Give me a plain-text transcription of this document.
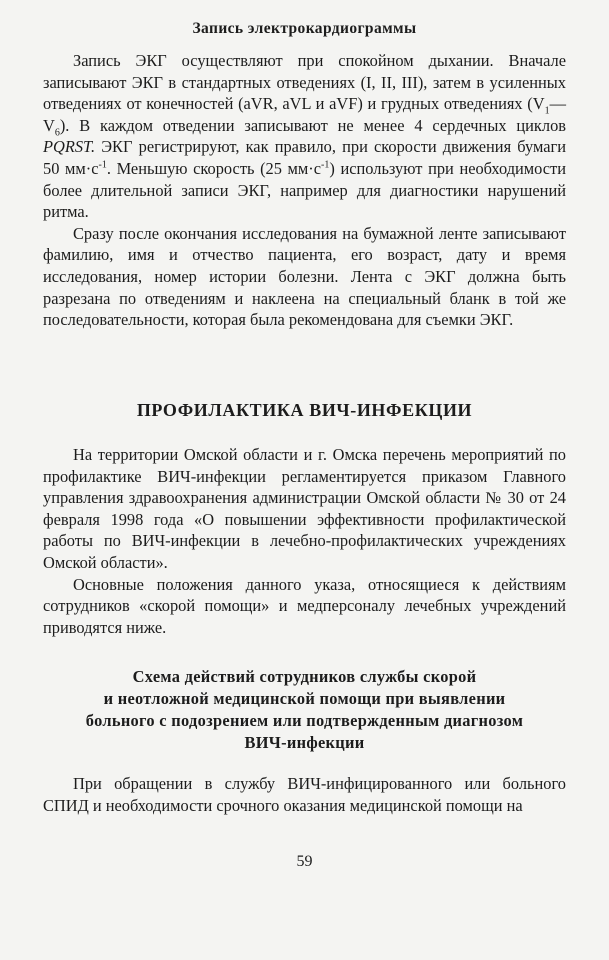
Запись электрокардиограммы

Запись ЭКГ осуществляют при спокойном дыхании. Вначале записывают ЭКГ в стандартных отведениях (I, II, III), затем в усиленных отведениях от конечностей (aVR, aVL и aVF) и грудных отведениях ($V_1—$ $V_6$). В каждом отведении записывают не менее 4 сердечных циклов PQRST. ЭКГ регистрируют, как правило, при скорости движения бумаги 50 $мм\cdot с^{-1}$. Меньшую скорость (25 $мм\cdot с^{-1}$) используют при необходимости более длительной записи ЭКГ, например для диагностики нарушений ритма.

Сразу после окончания исследования на бумажной ленте записывают фамилию, имя и отчество пациента, его возраст, дату и время исследования, номер истории болезни. Лента с ЭКГ должна быть разрезана по отведениям и наклеена на специальный бланк в той же последовательности, которая была рекомендована для съемки ЭКГ.

ПРОФИЛАКТИКА ВИЧ-ИНФЕКЦИИ

На территории Омской области и г. Омска перечень мероприятий по профилактике ВИЧ-инфекции регламентируется приказом Главного управления здравоохранения администрации Омской области № 30 от 24 февраля 1998 года «О повышении эффективности профилактической работы по ВИЧ-инфекции в лечебно-профилактических учреждениях Омской области».

Основные положения данного указа, относящиеся к действиям сотрудников «скорой помощи» и медперсоналу лечебных учреждений приводятся ниже.

Схема действий сотрудников службы скорой
и неотложной медицинской помощи при выявлении
больного с подозрением или подтвержденным диагнозом
ВИЧ-инфекции

При обращении в службу ВИЧ-инфицированного или больного СПИД и необходимости срочного оказания медицинской помощи на

59
